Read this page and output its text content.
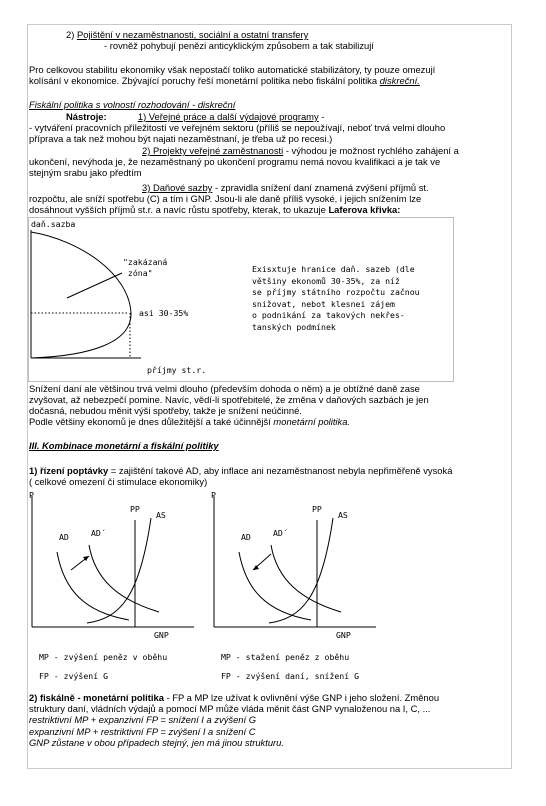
2) Pojištění v nezaměstnanosti, sociální a ostatní transfery
- rovněž pohybují penězi anticyklickým způsobem a tak stabilizují
Pro celkovou stabilitu ekonomiky však nepostačí toliko automatické stabilizátory, ty pouze omezují
kolísání v ekonomice. Zbývající poruchy řeší monetární politika nebo fiskální politika diskreční.
Fiskální politika s volností rozhodování - diskreční
Nástroje:	1) Veřejné práce a další výdajové programy -
- vytváření pracovních příležitostí ve veřejném sektoru (příliš se nepoužívají, neboť trvá velmi dlouho
příprava a tak než mohou být najati nezaměstnaní, je třeba už po recesi.)
2) Projekty veřejné zaměstnanosti - výhodou je možnost rychlého zahájení a
ukončení, nevýhoda je, že nezaměstnaný po ukončení programu nemá novou kvalifikaci a je tak ve
stejným srabu jako předtím
3) Daňové sazby - zpravidla snížení daní znamená zvýšení příjmů st.
rozpočtu, ale sníží spotřebu (C) a tím i GNP. Jsou-li ale daně příliš vysoké, i jejich snížením lze
dosáhnout vyšších příjmů st.r. a navíc růstu spotřeby, kterak, to ukazuje Laferova křivka:
daň.sazba
"zakázaná
zóna"
asi 30-35%
příjmy st.r.
Exisxtuje hranice daň. sazeb (dle
většiny ekonomů 30-35%, za níž
se příjmy státního rozpočtu začnou
snižovat, nebot klesnei zájem
o podnikání za takových nekřes-
tanských podmínek
Snížení daní ale většinou trvá velmi dlouho (především dohoda o něm) a je obtížné daně zase
zvyšovat, až nebezpečí pomine. Navíc, vědí-li spotřebitelé, že změna v daňových sazbách je jen
dočasná, nebudou měnit výši spotřeby, takže je snížení neúčinné.
Podle většiny ekonomů je dnes důležitější a také účinnější monetární politika.
III. Kombinace monetární a fiskální politiky
1) řízení poptávky = zajištění takové AD, aby inflace ani nezaměstnanost nebyla nepřiměřeně vysoká
( celkové omezení či stimulace ekonomiky)
P
PP
AS
AD	AD´
GNP
MP - zvýšení peněz v oběhu
FP - zvýšení G
P
PP
AS
AD	AD´
GNP
MP - stažení peněz z oběhu
FP - zvýšení daní, snížení G
2) fiskálně - monetární politika - FP a MP lze užívat k ovlivnění výše GNP i jeho složení. Změnou
struktury daní, vládních výdajů a pomocí MP může vláda měnit část GNP vynaloženou na I, C, ...
restriktivní MP + expanzivní FP = snížení I a zvýšení G
expanzivní MP + restriktivní FP = zvýšení I a snížení C
GNP zůstane v obou případech stejný, jen má jinou strukturu.
